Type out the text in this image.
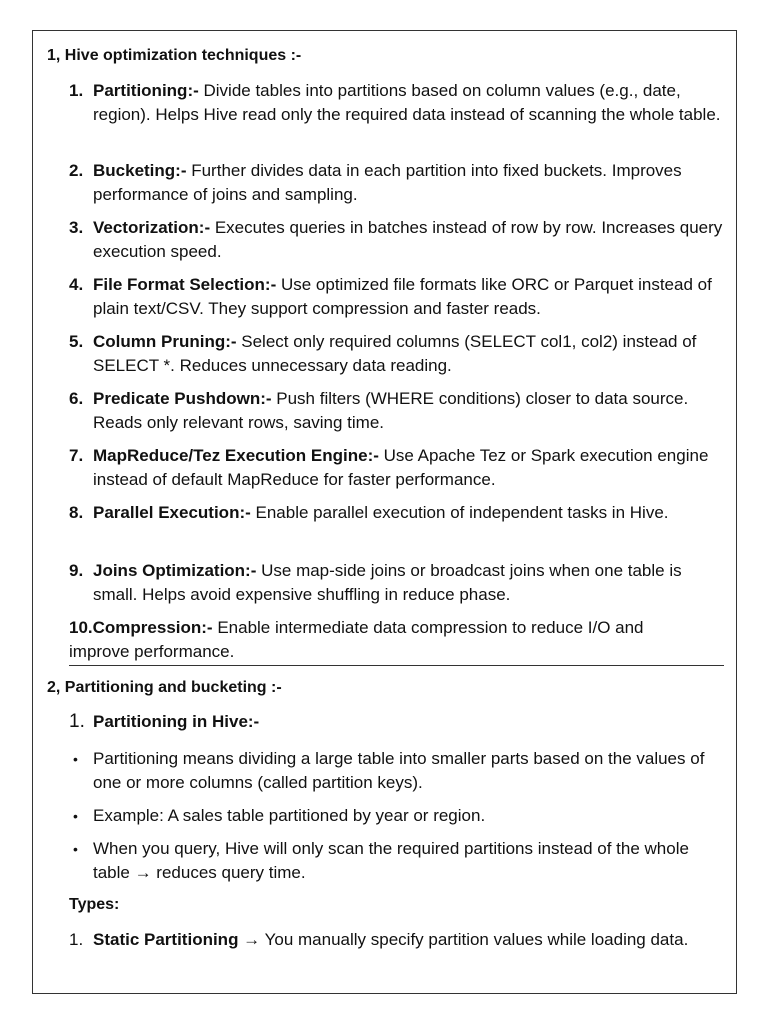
1, Hive optimization techniques :-
1. Partitioning:- Divide tables into partitions based on column values (e.g., date, region). Helps Hive read only the required data instead of scanning the whole table.
2. Bucketing:- Further divides data in each partition into fixed buckets. Improves performance of joins and sampling.
3. Vectorization:- Executes queries in batches instead of row by row. Increases query execution speed.
4. File Format Selection:- Use optimized file formats like ORC or Parquet instead of plain text/CSV. They support compression and faster reads.
5. Column Pruning:- Select only required columns (SELECT col1, col2) instead of SELECT *. Reduces unnecessary data reading.
6. Predicate Pushdown:- Push filters (WHERE conditions) closer to data source. Reads only relevant rows, saving time.
7. MapReduce/Tez Execution Engine:- Use Apache Tez or Spark execution engine instead of default MapReduce for faster performance.
8. Parallel Execution:- Enable parallel execution of independent tasks in Hive.
9. Joins Optimization:- Use map-side joins or broadcast joins when one table is small. Helps avoid expensive shuffling in reduce phase.
10.Compression:- Enable intermediate data compression to reduce I/O and
improve performance.
2, Partitioning and bucketing :-
1. Partitioning in Hive:-
• Partitioning means dividing a large table into smaller parts based on the values of one or more columns (called partition keys).
• Example: A sales table partitioned by year or region.
• When you query, Hive will only scan the required partitions instead of the whole table → reduces query time.
Types:
1. Static Partitioning → You manually specify partition values while loading data.
